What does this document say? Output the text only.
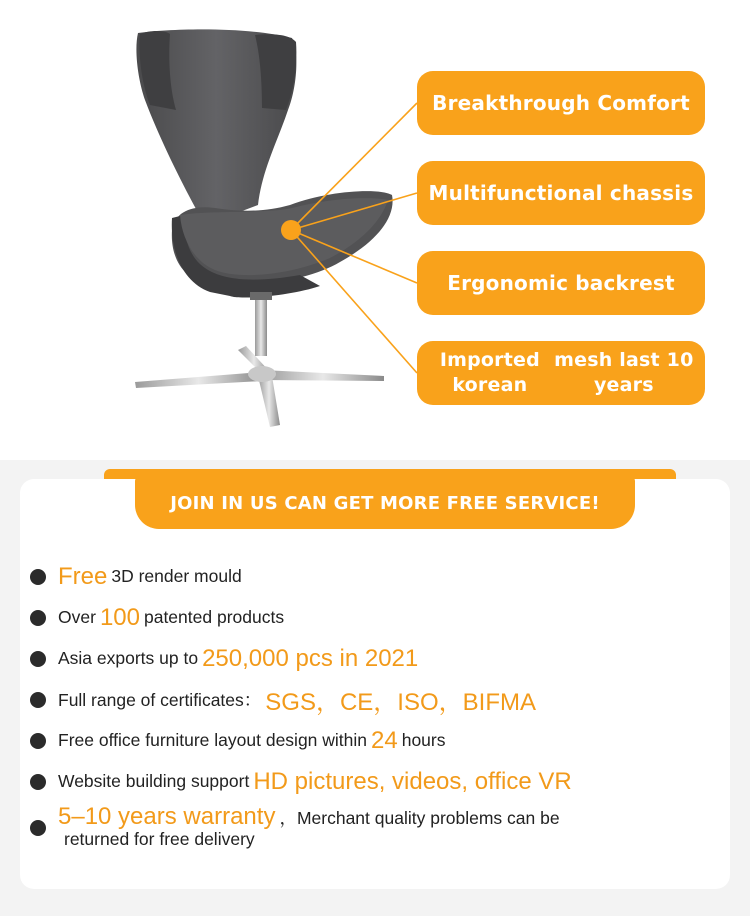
Breakthrough Comfort
Multifunctional chassis
Ergonomic backrest
Imported korean

mesh last 10 years
JOIN IN US CAN GET MORE FREE SERVICE!
Free 3D render mould
Over 100 patented products
Asia exports up to 250,000 pcs in 2021
Full range of certificates： SGS，CE，ISO，BIFMA
Free office furniture layout design within 24 hours
Website building support HD pictures, videos, office VR
5–10 years warranty ，Merchant quality problems can be
returned for free delivery
